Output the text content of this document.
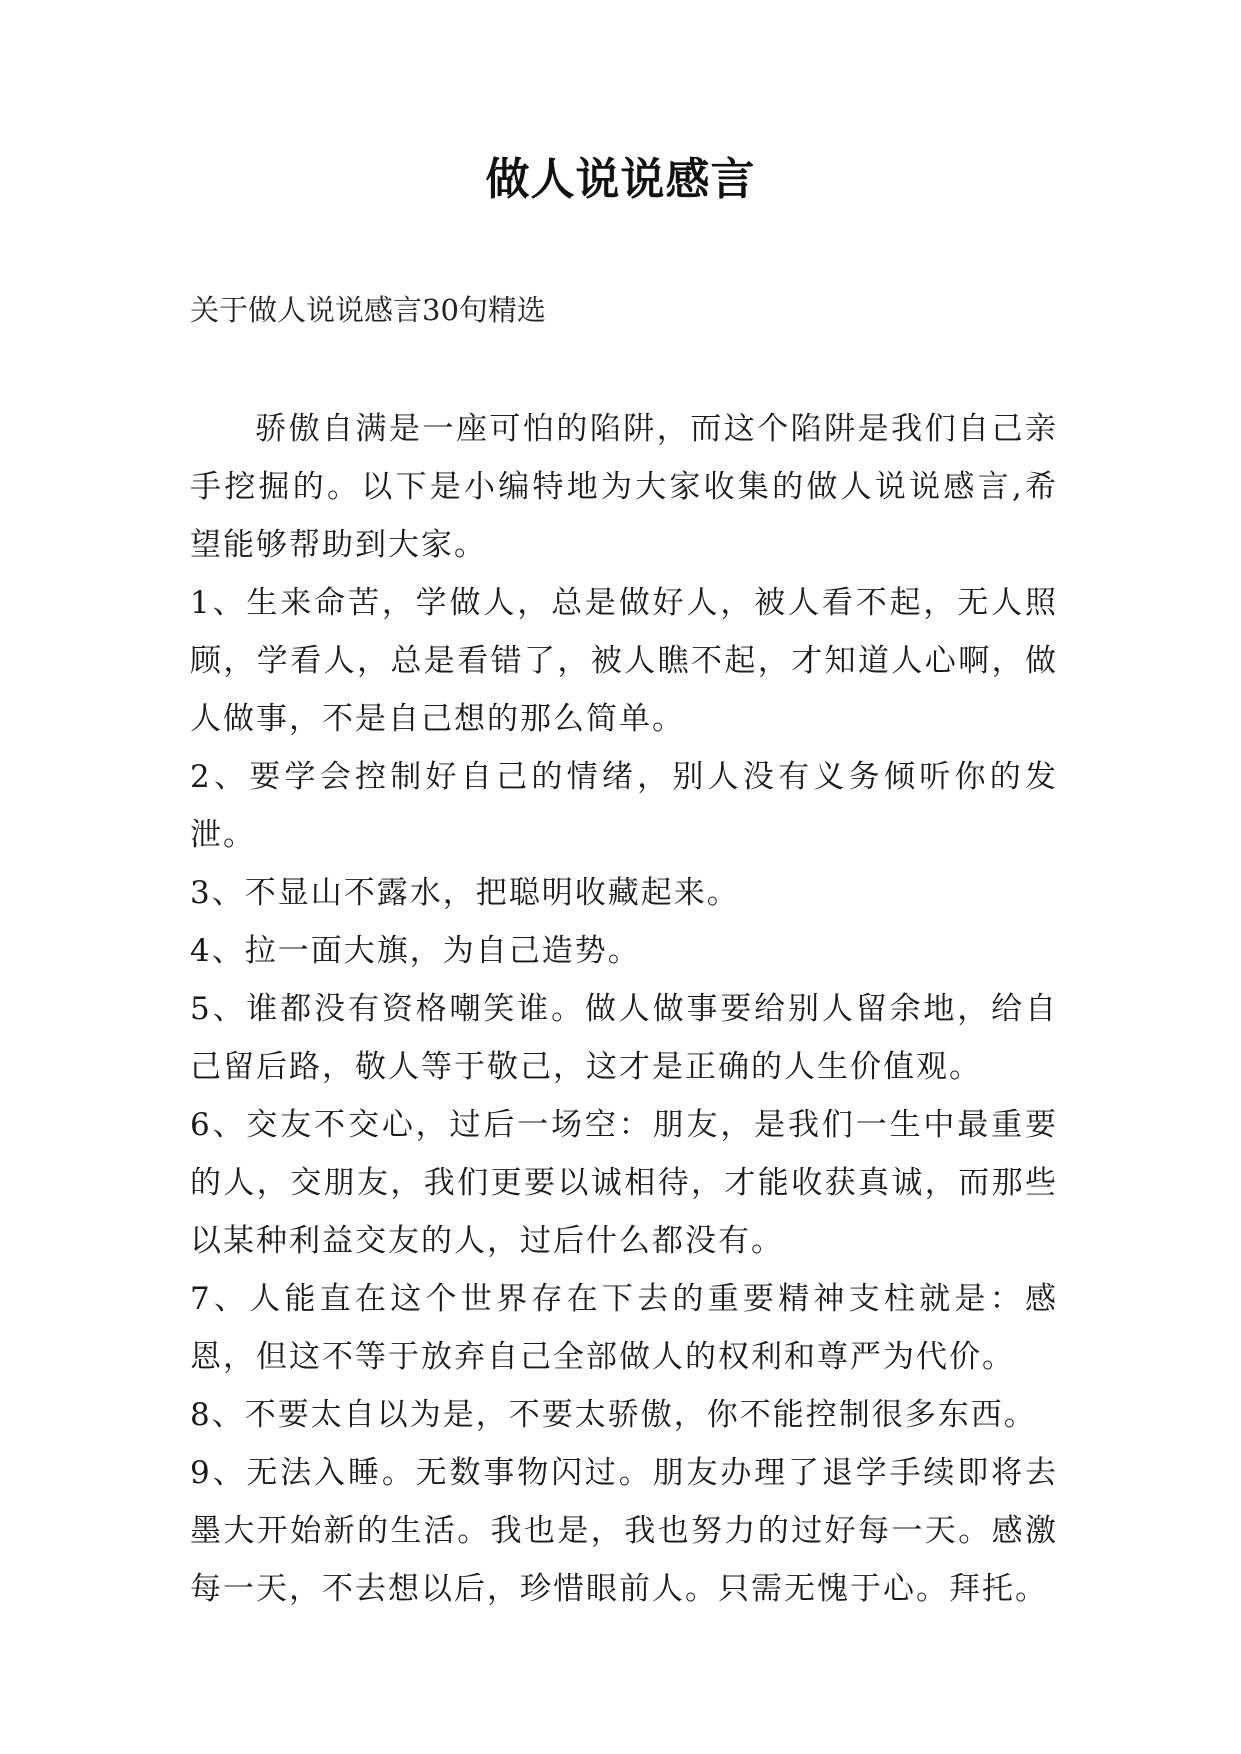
做人说说感言
关于做人说说感言30句精选

骄傲自满是一座可怕的陷阱，而这个陷阱是我们自己亲手挖掘的。以下是小编特地为大家收集的做人说说感言,希望能够帮助到大家。

1、生来命苦，学做人，总是做好人，被人看不起，无人照顾，学看人，总是看错了，被人瞧不起，才知道人心啊，做人做事，不是自己想的那么简单。

2、要学会控制好自己的情绪，别人没有义务倾听你的发泄。

3、不显山不露水，把聪明收藏起来。

4、拉一面大旗，为自己造势。

5、谁都没有资格嘲笑谁。做人做事要给别人留余地，给自己留后路，敬人等于敬己，这才是正确的人生价值观。

6、交友不交心，过后一场空：朋友，是我们一生中最重要的人，交朋友，我们更要以诚相待，才能收获真诚，而那些以某种利益交友的人，过后什么都没有。

7、人能直在这个世界存在下去的重要精神支柱就是：感恩，但这不等于放弃自己全部做人的权利和尊严为代价。

8、不要太自以为是，不要太骄傲，你不能控制很多东西。

9、无法入睡。无数事物闪过。朋友办理了退学手续即将去墨大开始新的生活。我也是，我也努力的过好每一天。感激每一天，不去想以后，珍惜眼前人。只需无愧于心。拜托。
